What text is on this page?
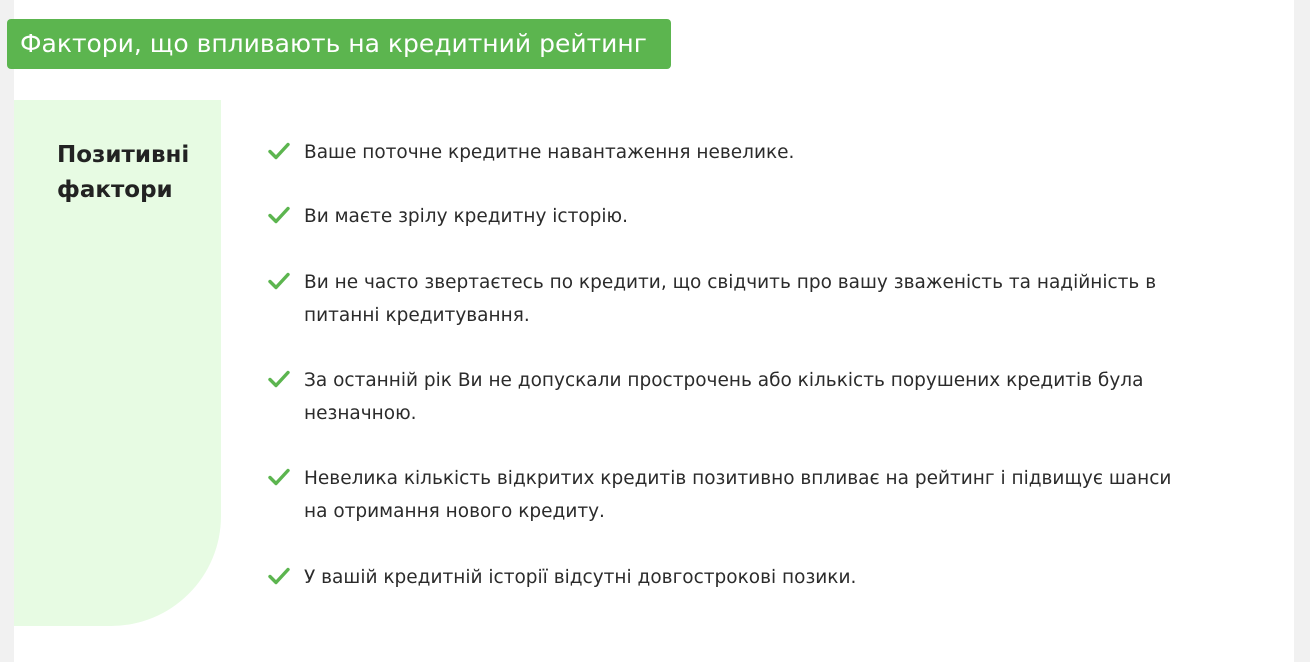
Фактори, що впливають на кредитний рейтинг
Позитивні фактори
Ваше поточне кредитне навантаження невелике.
Ви маєте зрілу кредитну історію.
Ви не часто звертаєтесь по кредити, що свідчить про вашу зваженість та надійність в питанні кредитування.
За останній рік Ви не допускали прострочень або кількість порушених кредитів була незначною.
Невелика кількість відкритих кредитів позитивно впливає на рейтинг і підвищує шанси на отримання нового кредиту.
У вашій кредитній історії відсутні довгострокові позики.
